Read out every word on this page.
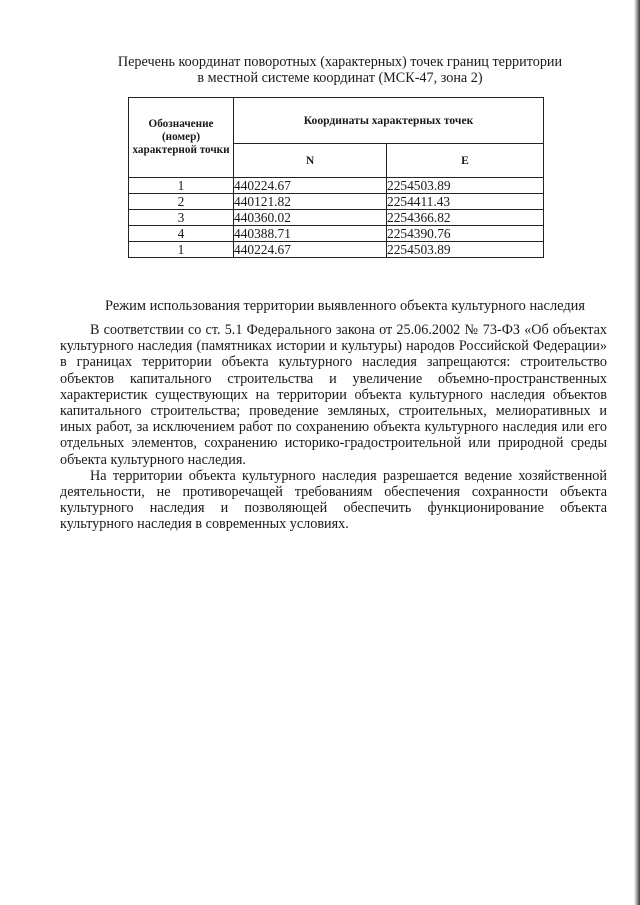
Перечень координат поворотных (характерных) точек границ территории
в местной системе координат (МСК-47, зона 2)
Обозначение (номер) характерной точки	Координаты характерных точек	
	N	E
1	440224.67	2254503.89
2	440121.82	2254411.43
3	440360.02	2254366.82
4	440388.71	2254390.76
1	440224.67	2254503.89
Режим использования территории выявленного объекта культурного наследия

В соответствии со ст. 5.1 Федерального закона от 25.06.2002 № 73-ФЗ «Об объектах культурного наследия (памятниках истории и культуры) народов Российской Федерации» в границах территории объекта культурного наследия запрещаются: строительство объектов капитального строительства и увеличение объемно-пространственных характеристик существующих на территории объекта культурного наследия объектов капитального строительства; проведение земляных, строительных, мелиоративных и иных работ, за исключением работ по сохранению объекта культурного наследия или его отдельных элементов, сохранению историко-градостроительной или природной среды объекта культурного наследия.

На территории объекта культурного наследия разрешается ведение хозяйственной деятельности, не противоречащей требованиям обеспечения сохранности объекта культурного наследия и позволяющей обеспечить функционирование объекта культурного наследия в современных условиях.
